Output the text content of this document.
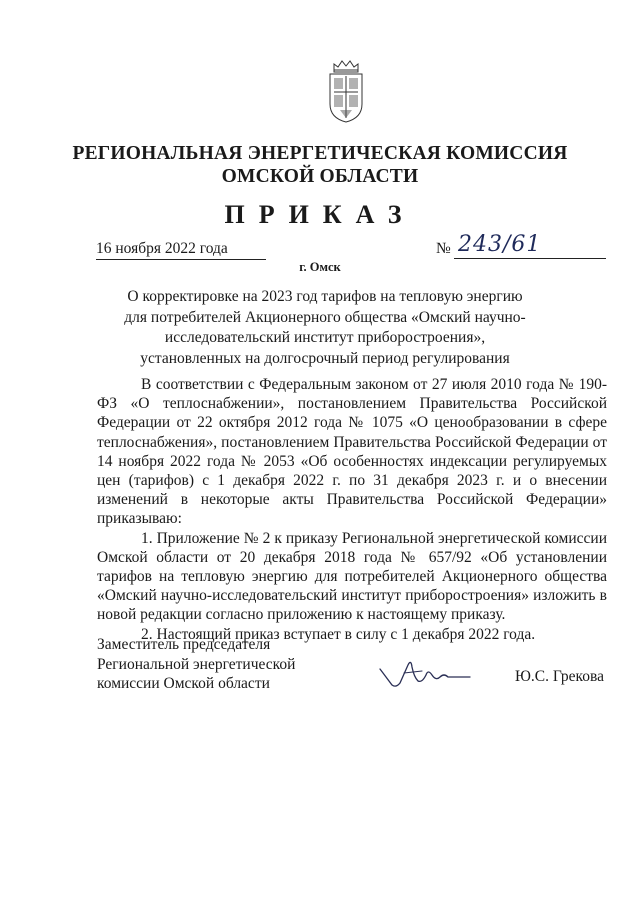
РЕГИОНАЛЬНАЯ ЭНЕРГЕТИЧЕСКАЯ КОМИССИЯ
ОМСКОЙ ОБЛАСТИ
ПРИКАЗ
16 ноября 2022 года	№ 243/61
г. Омск
О корректировке на 2023 год тарифов на тепловую энергию для потребителей Акционерного общества «Омский научно-исследовательский институт приборостроения», установленных на долгосрочный период регулирования

В соответствии с Федеральным законом от 27 июля 2010 года № 190-ФЗ «О теплоснабжении», постановлением Правительства Российской Федерации от 22 октября 2012 года № 1075 «О ценообразовании в сфере теплоснабжения», постановлением Правительства Российской Федерации от 14 ноября 2022 года № 2053 «Об особенностях индексации регулируемых цен (тарифов) с 1 декабря 2022 г. по 31 декабря 2023 г. и о внесении изменений в некоторые акты Правительства Российской Федерации» приказываю:

1. Приложение № 2 к приказу Региональной энергетической комиссии Омской области от 20 декабря 2018 года № 657/92 «Об установлении тарифов на тепловую энергию для потребителей Акционерного общества «Омский научно-исследовательский институт приборостроения» изложить в новой редакции согласно приложению к настоящему приказу.

2. Настоящий приказ вступает в силу с 1 декабря 2022 года.

Заместитель председателя
Региональной энергетической
комиссии Омской области	Ю.С. Грекова
